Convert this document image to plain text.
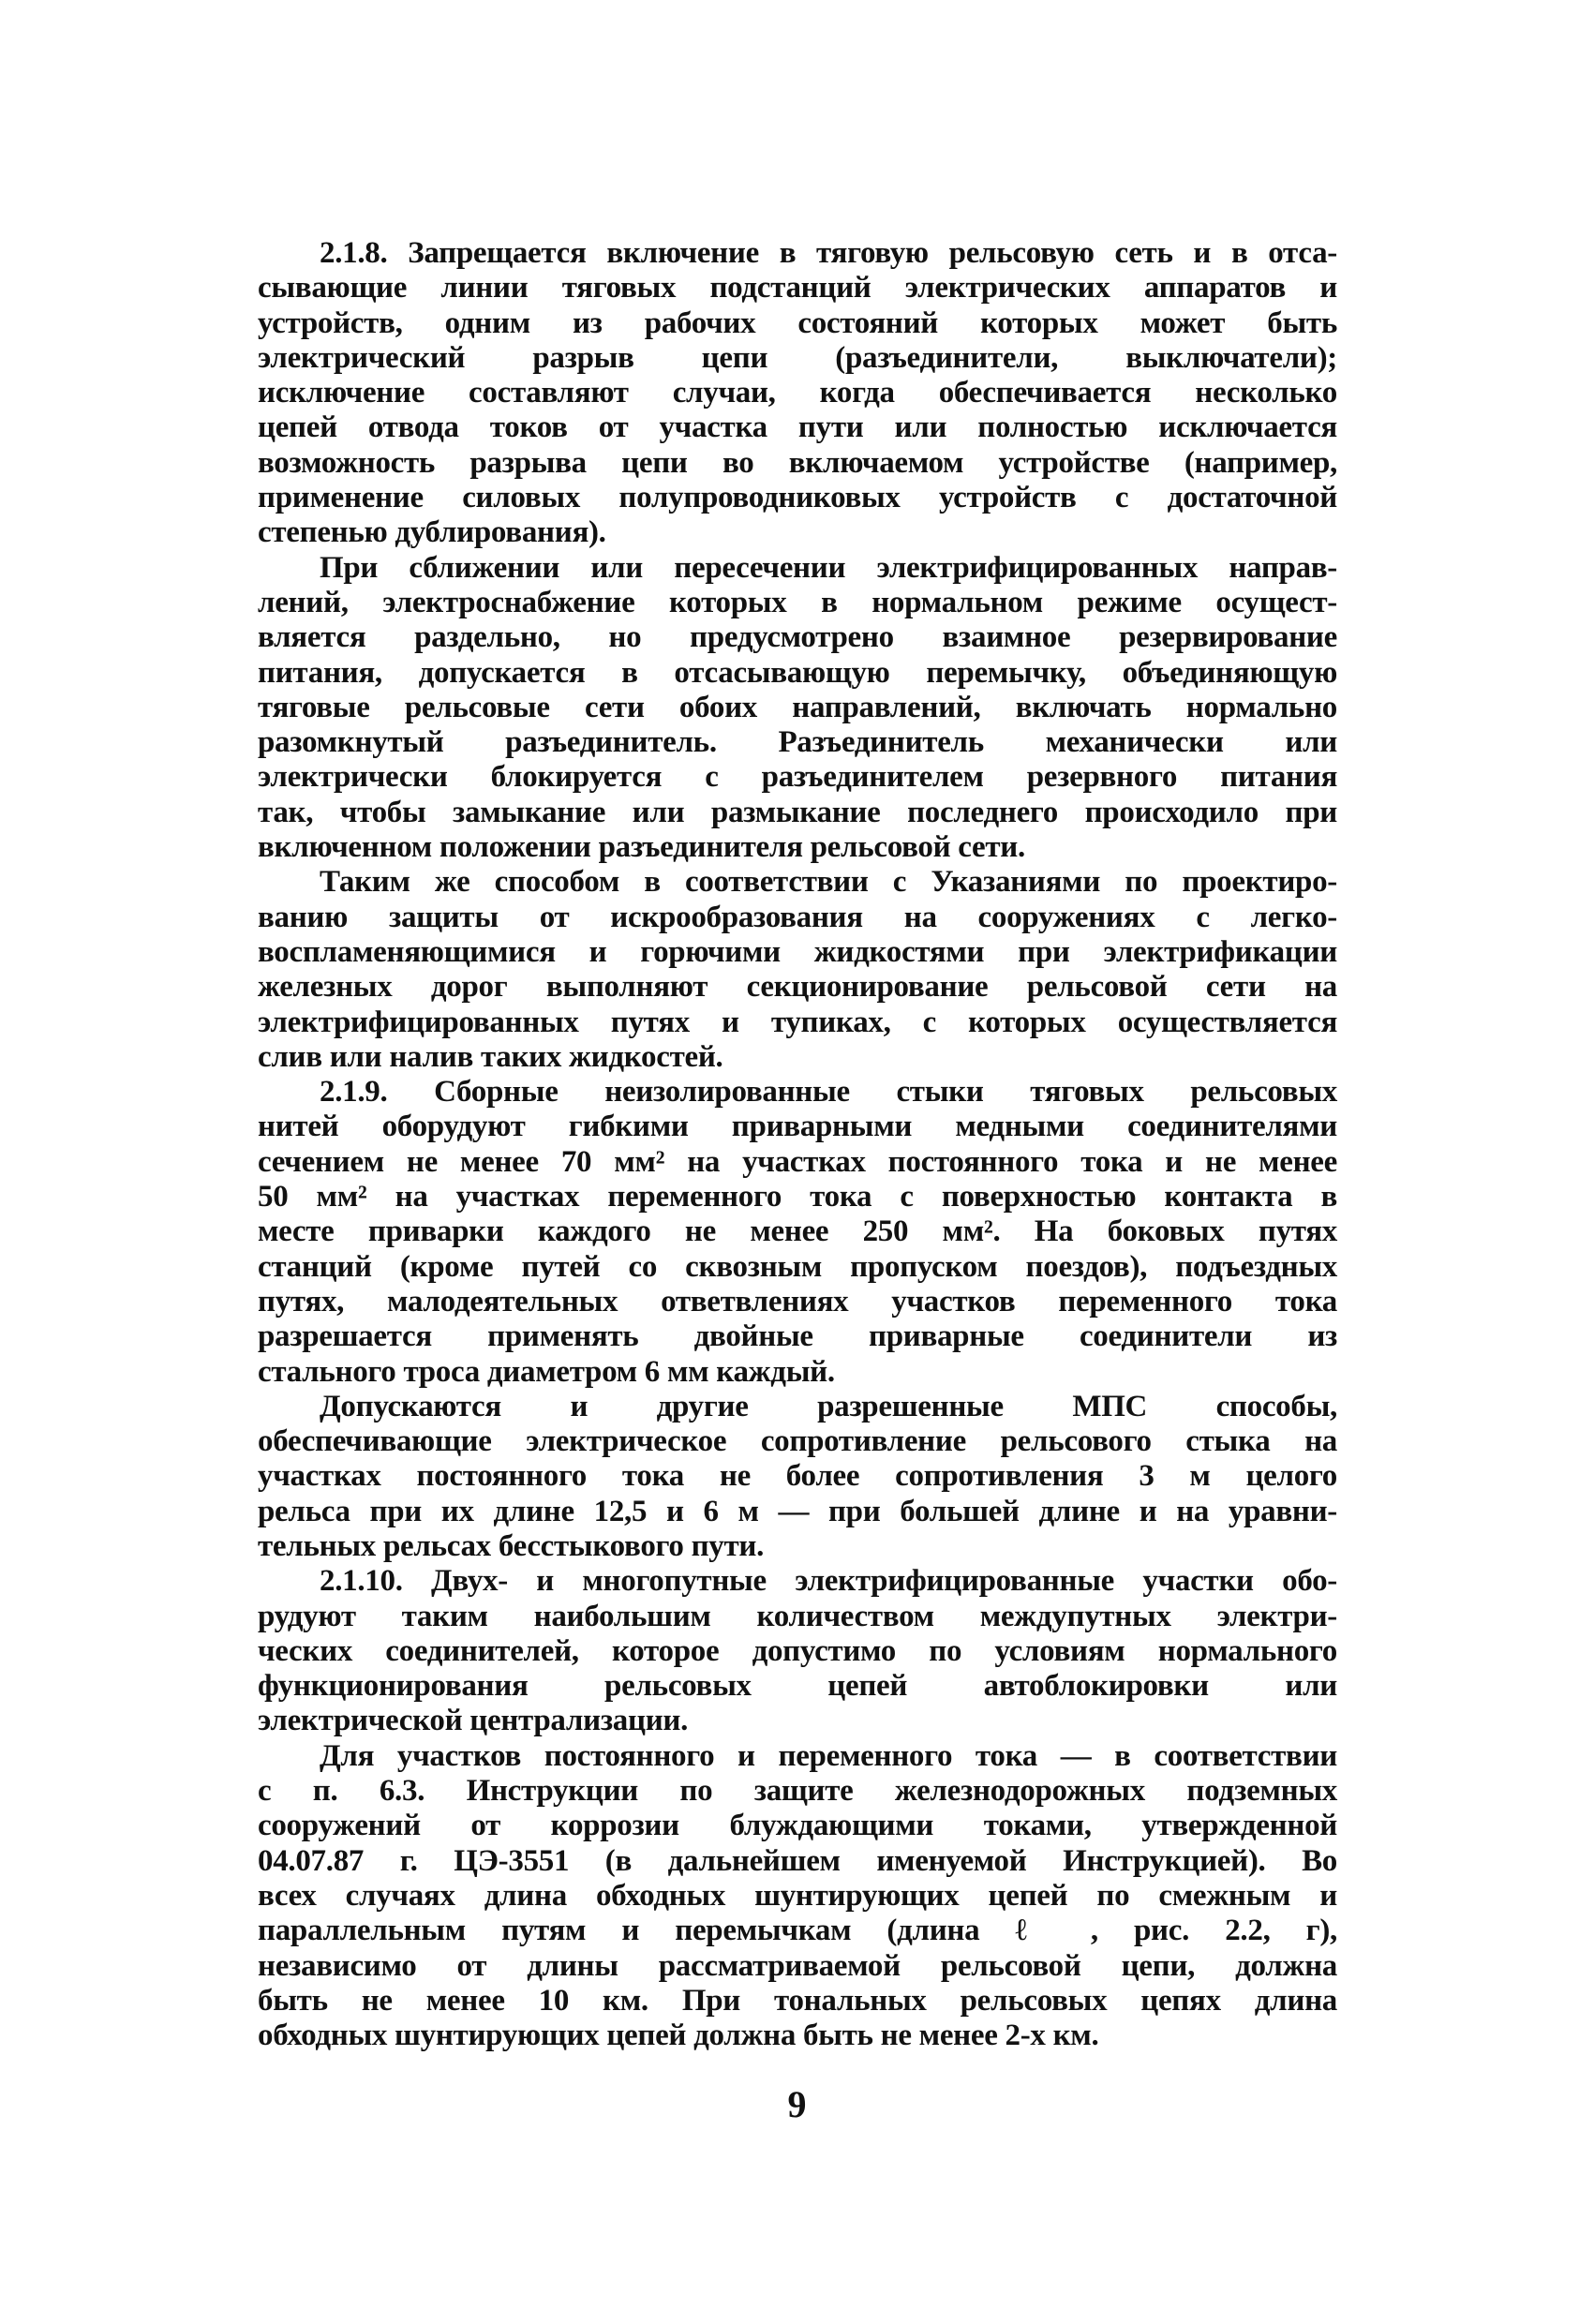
2.1.8. Запрещается включение в тяговую рельсовую сеть и в отса-
сывающие линии тяговых подстанций электрических аппаратов и
устройств, одним из рабочих состояний которых может быть
электрический разрыв цепи (разъединители, выключатели);
исключение составляют случаи, когда обеспечивается несколько
цепей отвода токов от участка пути или полностью исключается
возможность разрыва цепи во включаемом устройстве (например,
применение силовых полупроводниковых устройств с достаточной
степенью дублирования).
При сближении или пересечении электрифицированных направ-
лений, электроснабжение которых в нормальном режиме осущест-
вляется раздельно, но предусмотрено взаимное резервирование
питания, допускается в отсасывающую перемычку, объединяющую
тяговые рельсовые сети обоих направлений, включать нормально
разомкнутый разъединитель. Разъединитель механически или
электрически блокируется с разъединителем резервного питания
так, чтобы замыкание или размыкание последнего происходило при
включенном положении разъединителя рельсовой сети.
Таким же способом в соответствии с Указаниями по проектиро-
ванию защиты от искрообразования на сооружениях с легко-
воспламеняющимися и горючими жидкостями при электрификации
железных дорог выполняют секционирование рельсовой сети на
электрифицированных путях и тупиках, с которых осуществляется
слив или налив таких жидкостей.
2.1.9. Сборные неизолированные стыки тяговых рельсовых
нитей оборудуют гибкими приварными медными соединителями
сечением не менее 70 мм² на участках постоянного тока и не менее
50 мм² на участках переменного тока с поверхностью контакта в
месте приварки каждого не менее 250 мм². На боковых путях
станций (кроме путей со сквозным пропуском поездов), подъездных
путях, малодеятельных ответвлениях участков переменного тока
разрешается применять двойные приварные соединители из
стального троса диаметром 6 мм каждый.
Допускаются и другие разрешенные МПС способы,
обеспечивающие электрическое сопротивление рельсового стыка на
участках постоянного тока не более сопротивления 3 м целого
рельса при их длине 12,5 и 6 м — при большей длине и на уравни-
тельных рельсах бесстыкового пути.
2.1.10. Двух- и многопутные электрифицированные участки обо-
рудуют таким наибольшим количеством междупутных электри-
ческих соединителей, которое допустимо по условиям нормального
функционирования рельсовых цепей автоблокировки или
электрической централизации.
Для участков постоянного и переменного тока — в соответствии
с п. 6.3. Инструкции по защите железнодорожных подземных
сооружений от коррозии блуждающими токами, утвержденной
04.07.87 г. ЦЭ-3551 (в дальнейшем именуемой Инструкцией). Во
всех случаях длина обходных шунтирующих цепей по смежным и
параллельным путям и перемычкам (длина ℓ , рис. 2.2, г),
независимо от длины рассматриваемой рельсовой цепи, должна
быть не менее 10 км. При тональных рельсовых цепях длина
обходных шунтирующих цепей должна быть не менее 2-х км.
9
